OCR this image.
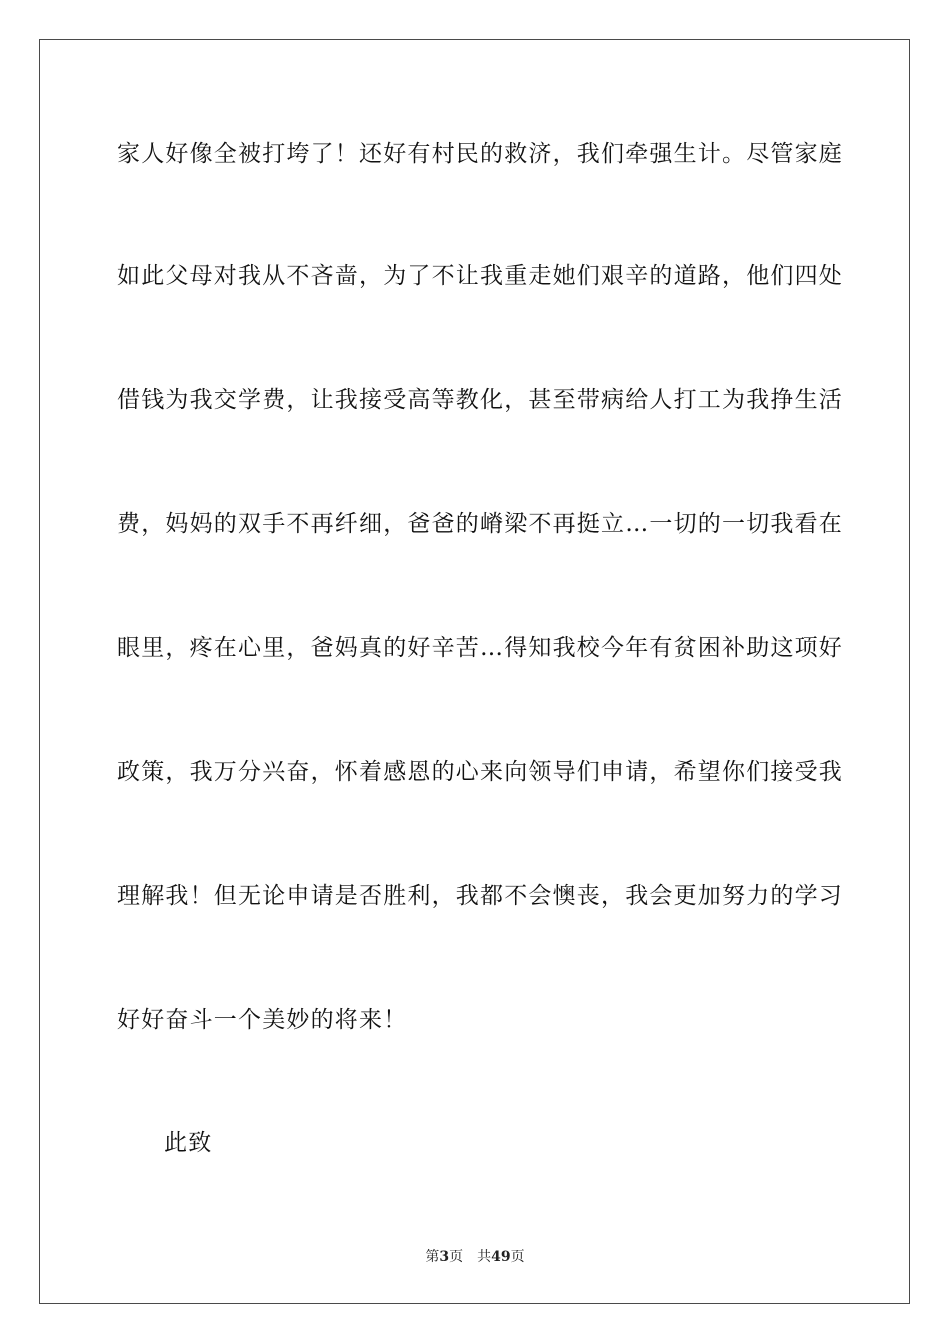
家人好像全被打垮了！还好有村民的救济，我们牵强生计。尽管家庭
如此父母对我从不吝啬，为了不让我重走她们艰辛的道路，他们四处
借钱为我交学费，让我接受高等教化，甚至带病给人打工为我挣生活
费，妈妈的双手不再纤细，爸爸的嵴梁不再挺立…一切的一切我看在
眼里，疼在心里，爸妈真的好辛苦…得知我校今年有贫困补助这项好
政策，我万分兴奋，怀着感恩的心来向领导们申请，希望你们接受我
理解我！但无论申请是否胜利，我都不会懊丧，我会更加努力的学习
好好奋斗一个美妙的将来！
此致
第3页 共49页
